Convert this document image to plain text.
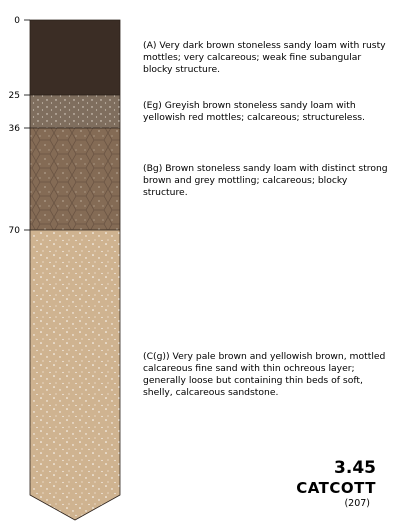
0
25
36
70
(A) Very dark brown stoneless sandy loam with rusty mottles; very calcareous; weak fine subangular blocky structure.
(Eg) Greyish brown stoneless sandy loam with yellowish red mottles; calcareous; structureless.
(Bg) Brown stoneless sandy loam with distinct strong brown and grey mottling; calcareous; blocky structure.
(C(g)) Very pale brown and yellowish brown, mottled calcareous fine sand with thin ochreous layer; generally loose but containing thin beds of soft, shelly, calcareous sandstone.
3.45
CATCOTT
(207)
